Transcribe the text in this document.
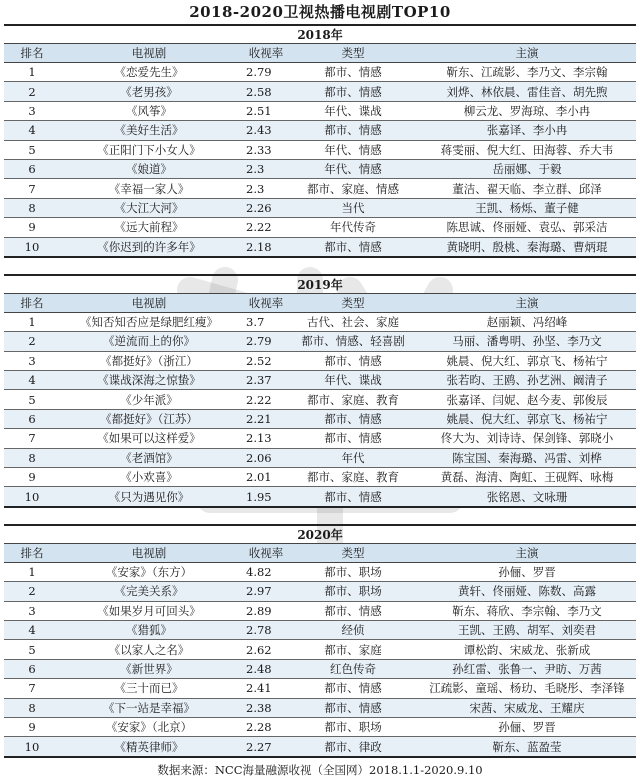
2018-2020卫视热播电视剧TOP10
2018年				
排名	电视剧	收视率	类型	主演
1	《恋爱先生》	2.79	都市、情感	靳东、江疏影、李乃文、李宗翰
2	《老男孩》	2.58	都市、情感	刘烨、林依晨、雷佳音、胡先煦
3	《风筝》	2.51	年代、谍战	柳云龙、罗海琼、李小冉
4	《美好生活》	2.43	都市、情感	张嘉译、李小冉
5	《正阳门下小女人》	2.33	年代、情感	蒋雯丽、倪大红、田海蓉、乔大韦
6	《娘道》	2.3	年代、情感	岳丽娜、于毅
7	《幸福一家人》	2.3	都市、家庭、情感	董洁、翟天临、李立群、邱泽
8	《大江大河》	2.26	当代	王凯、杨烁、董子健
9	《远大前程》	2.22	年代传奇	陈思诚、佟丽娅、袁弘、郭采洁
10	《你迟到的许多年》	2.18	都市、情感	黄晓明、殷桃、秦海璐、曹炳琨
2019年				
排名	电视剧	收视率	类型	主演
1	《知否知否应是绿肥红瘦》	3.7	古代、社会、家庭	赵丽颖、冯绍峰
2	《逆流而上的你》	2.79	都市、情感、轻喜剧	马丽、潘粤明、孙坚、李乃文
3	《都挺好》（浙江）	2.52	都市、情感	姚晨、倪大红、郭京飞、杨祐宁
4	《谍战深海之惊蛰》	2.37	年代、谍战	张若昀、王鸥、孙艺洲、阚清子
5	《少年派》	2.22	都市、家庭、教育	张嘉译、闫妮、赵今麦、郭俊辰
6	《都挺好》（江苏）	2.21	都市、情感	姚晨、倪大红、郭京飞、杨祐宁
7	《如果可以这样爱》	2.13	都市、情感	佟大为、刘诗诗、保剑锋、郭晓小
8	《老酒馆》	2.06	年代	陈宝国、秦海璐、冯雷、刘桦
9	《小欢喜》	2.01	都市、家庭、教育	黄磊、海清、陶虹、王砚辉、咏梅
10	《只为遇见你》	1.95	都市、情感	张铭恩、文咏珊
2020年				
排名	电视剧	收视率	类型	主演
1	《安家》（东方）	4.82	都市、职场	孙俪、罗晋
2	《完美关系》	2.97	都市、职场	黄轩、佟丽娅、陈数、高露
3	《如果岁月可回头》	2.89	都市、情感	靳东、蒋欣、李宗翰、李乃文
4	《猎狐》	2.78	经侦	王凯、王鸥、胡军、刘奕君
5	《以家人之名》	2.62	都市、家庭	谭松韵、宋威龙、张新成
6	《新世界》	2.48	红色传奇	孙红雷、张鲁一、尹昉、万茜
7	《三十而已》	2.41	都市、情感	江疏影、童瑶、杨玏、毛晓彤、李泽锋
8	《下一站是幸福》	2.38	都市、情感	宋茜、宋威龙、王耀庆
9	《安家》（北京）	2.28	都市、职场	孙俪、罗晋
10	《精英律师》	2.27	都市、律政	靳东、蓝盈莹
数据来源：NCC海量融源收视（全国网）2018.1.1-2020.9.10
